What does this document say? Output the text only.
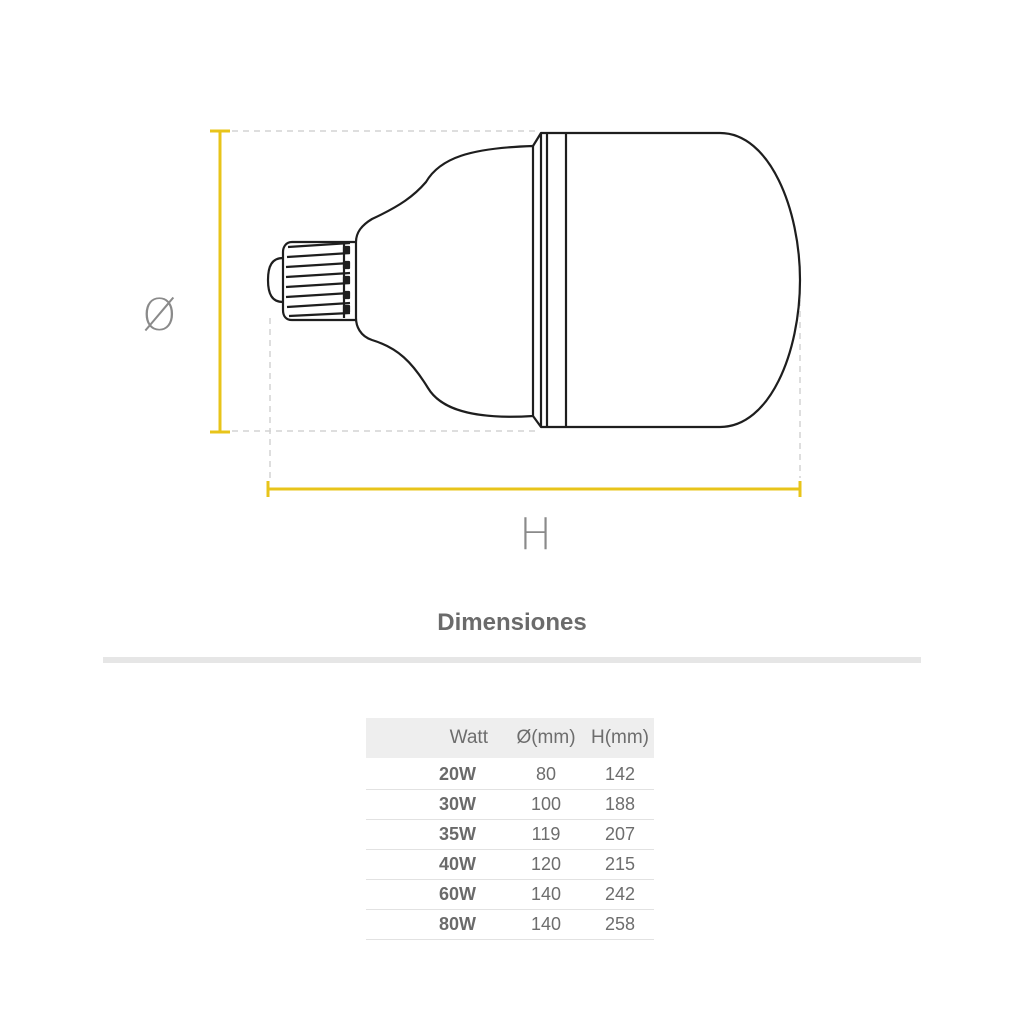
Ø
H
Dimensiones
Watt	Ø(mm)	H(mm)
20W	80	142
30W	100	188
35W	119	207
40W	120	215
60W	140	242
80W	140	258
